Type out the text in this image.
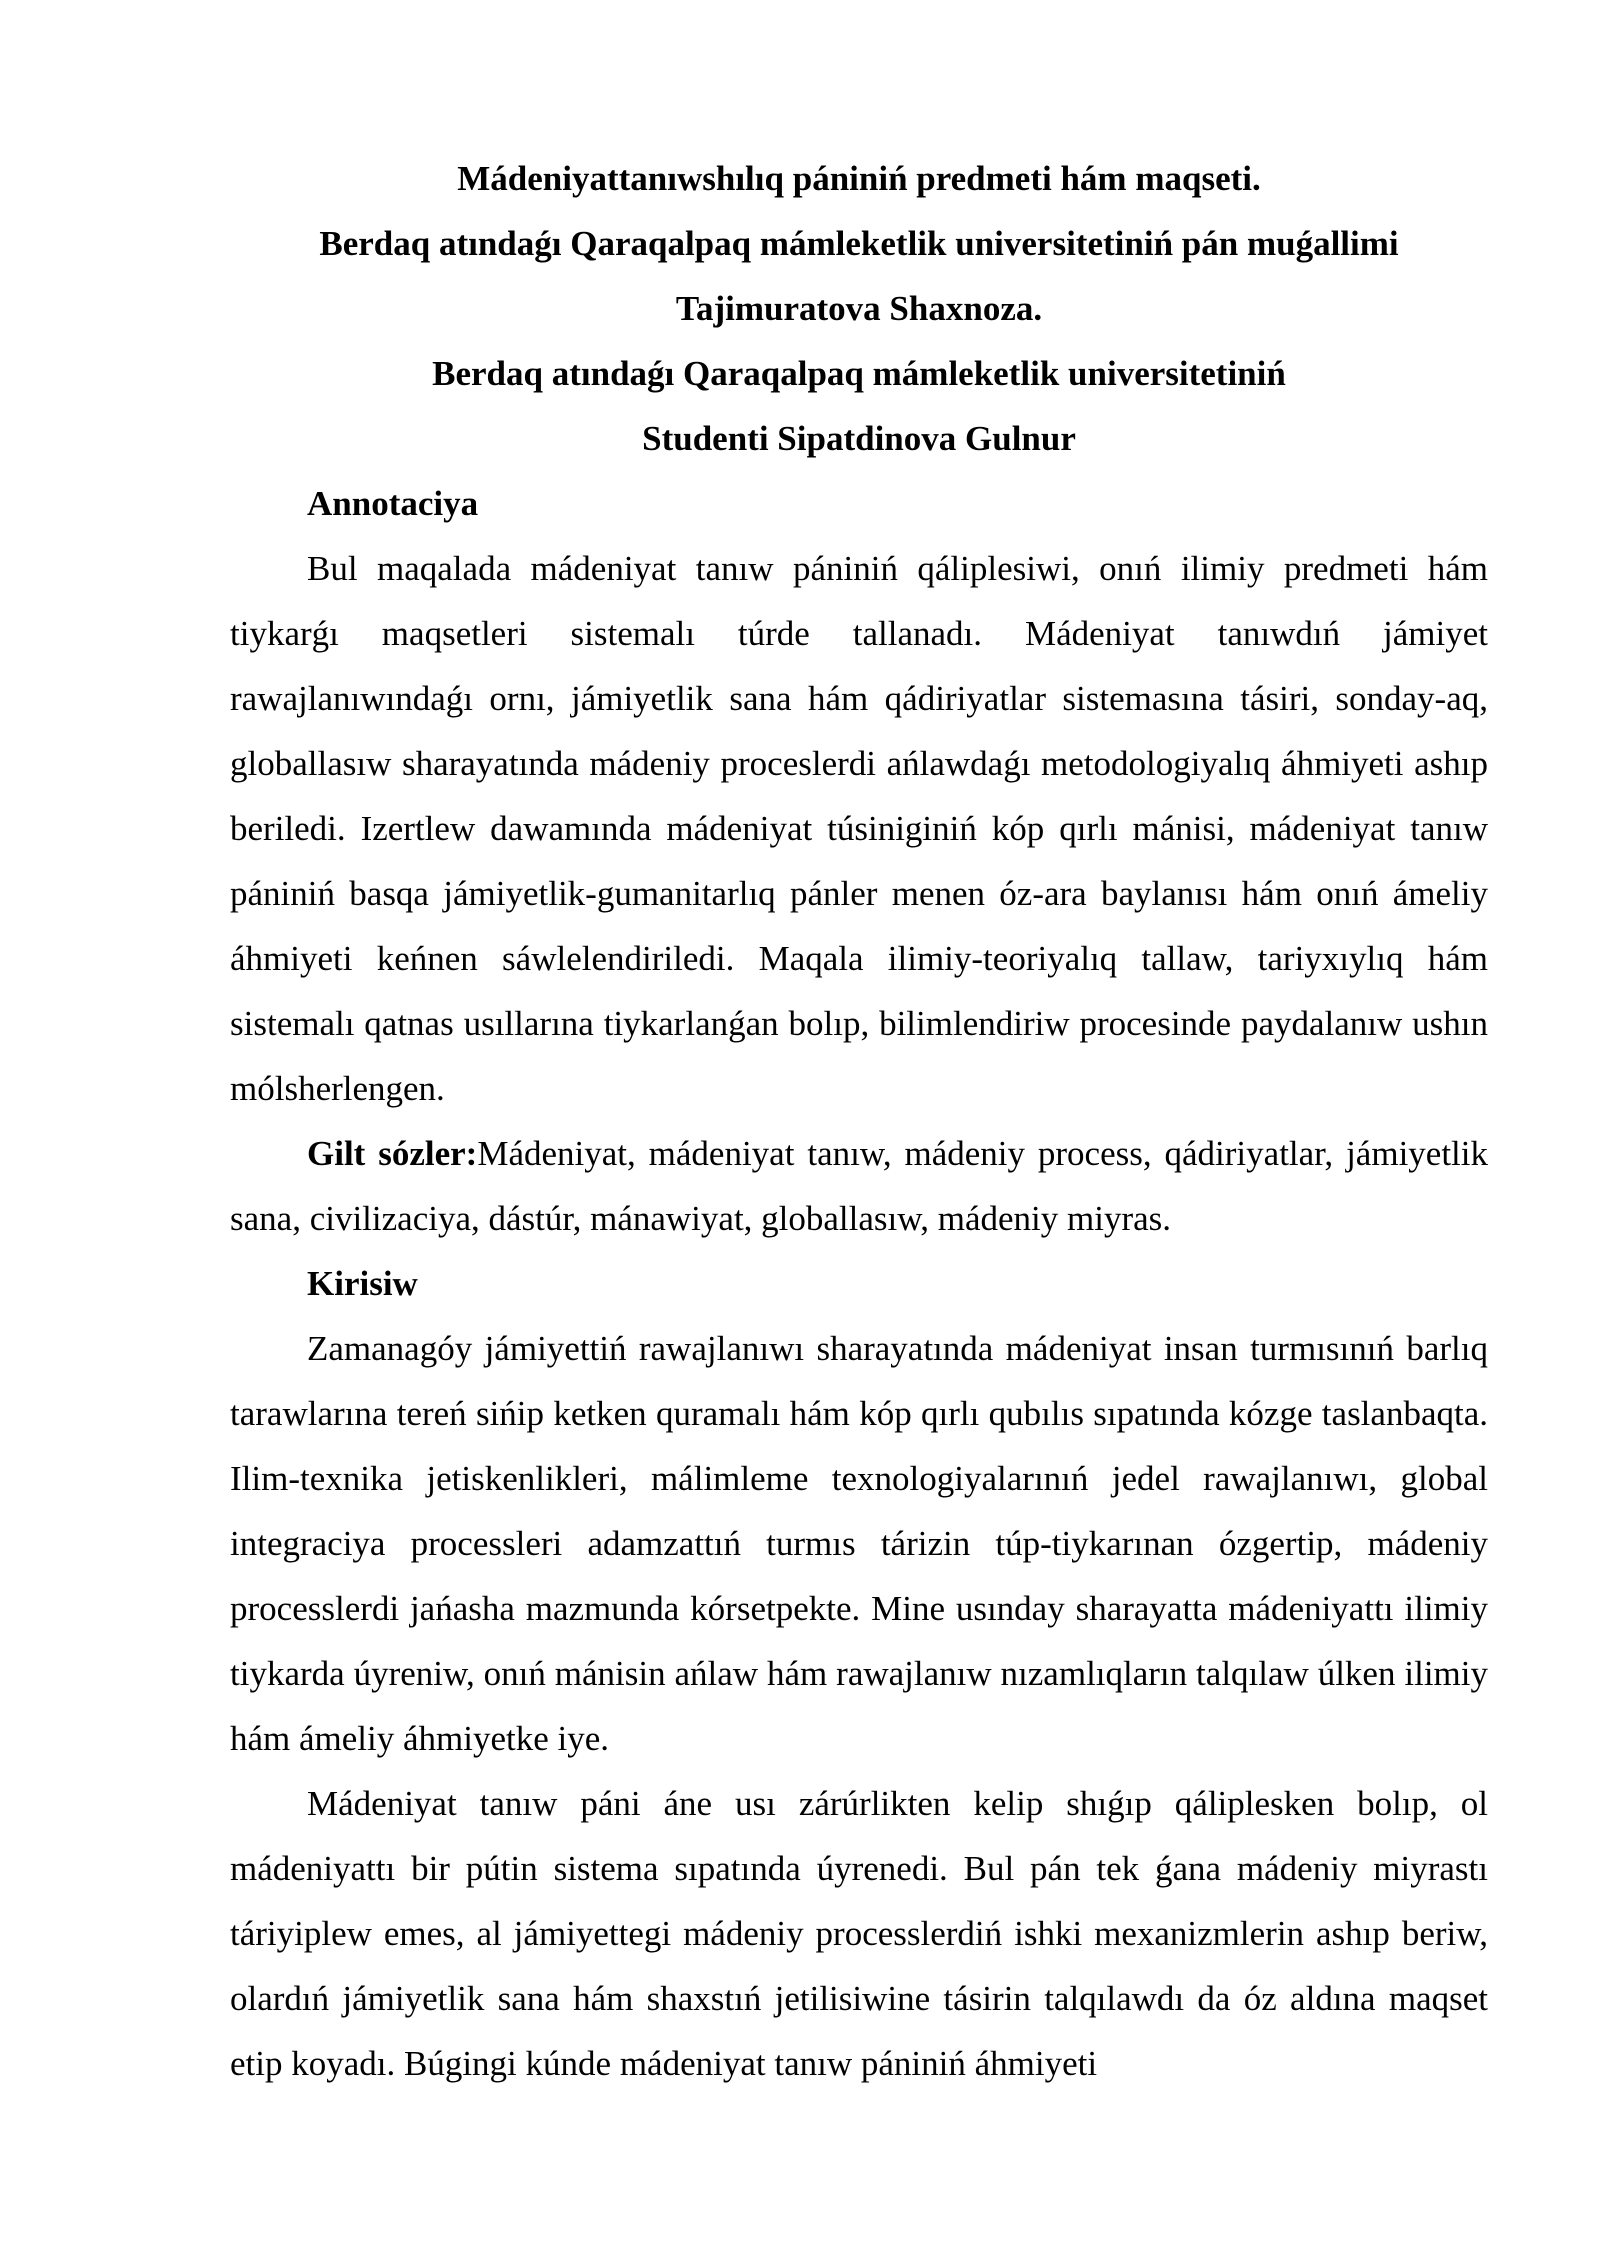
Mádeniyattanıwshılıq pániniń predmeti hám maqseti.

Berdaq atındaǵı Qaraqalpaq mámleketlik universitetiniń pán muǵallimi

Tajimuratova Shaxnoza.

Berdaq atındaǵı Qaraqalpaq mámleketlik universitetiniń

Studenti Sipatdinova Gulnur

Annotaciya

Bul maqalada mádeniyat tanıw pániniń qáliplesiwi, onıń ilimiy predmeti hám tiykarǵı maqsetleri sistemalı túrde tallanadı. Mádeniyat tanıwdıń jámiyet rawajlanıwındaǵı ornı, jámiyetlik sana hám qádiriyatlar sistemasına tásiri, sonday-aq, globallasıw sharayatında mádeniy proceslerdi ańlawdaǵı metodologiyalıq áhmiyeti ashıp beriledi. Izertlew dawamında mádeniyat túsiniginiń kóp qırlı mánisi, mádeniyat tanıw pániniń basqa jámiyetlik-gumanitarlıq pánler menen óz-ara baylanısı hám onıń ámeliy áhmiyeti keńnen sáwlelendiriledi. Maqala ilimiy-teoriyalıq tallaw, tariyxıylıq hám sistemalı qatnas usıllarına tiykarlanǵan bolıp, bilimlendiriw procesinde paydalanıw ushın mólsherlengen.

Gilt sózler:Mádeniyat, mádeniyat tanıw, mádeniy process, qádiriyatlar, jámiyetlik sana, civilizaciya, dástúr, mánawiyat, globallasıw, mádeniy miyras.

Kirisiw

Zamanagóy jámiyettiń rawajlanıwı sharayatında mádeniyat insan turmısınıń barlıq tarawlarına tereń sińip ketken quramalı hám kóp qırlı qubılıs sıpatında kózge taslanbaqta. Ilim-texnika jetiskenlikleri, málimleme texnologiyalarınıń jedel rawajlanıwı, global integraciya processleri adamzattıń turmıs tárizin túp-tiykarınan ózgertip, mádeniy processlerdi jańasha mazmunda kórsetpekte. Mine usınday sharayatta mádeniyattı ilimiy tiykarda úyreniw, onıń mánisin ańlaw hám rawajlanıw nızamlıqların talqılaw úlken ilimiy hám ámeliy áhmiyetke iye.

Mádeniyat tanıw páni áne usı zárúrlikten kelip shıǵıp qáliplesken bolıp, ol mádeniyattı bir pútin sistema sıpatında úyrenedi. Bul pán tek ǵana mádeniy miyrastı táriyiplew emes, al jámiyettegi mádeniy processlerdiń ishki mexanizmlerin ashıp beriw, olardıń jámiyetlik sana hám shaxstıń jetilisiwine tásirin talqılawdı da óz aldına maqset etip koyadı. Búgingi kúnde mádeniyat tanıw pániniń áhmiyeti
